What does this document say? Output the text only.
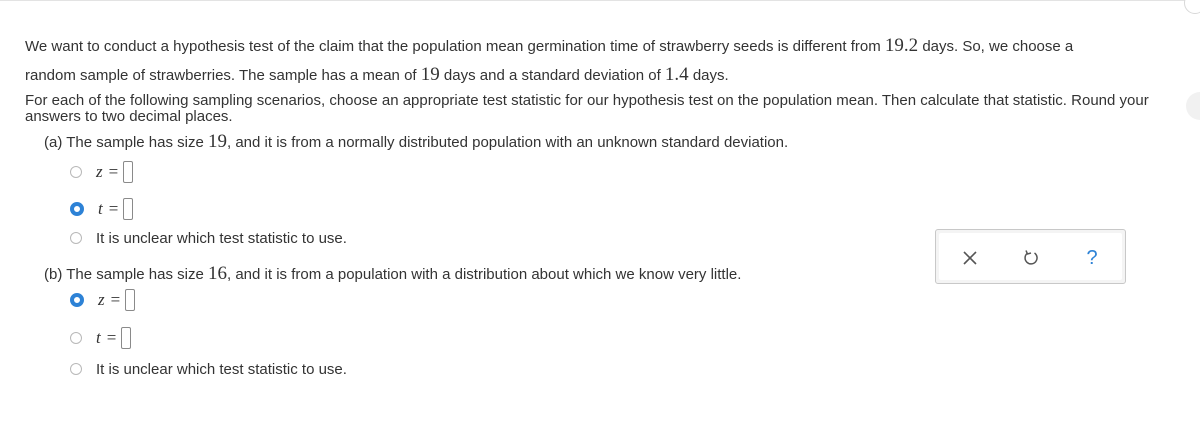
We want to conduct a hypothesis test of the claim that the population mean germination time of strawberry seeds is different from 19.2 days. So, we choose a
random sample of strawberries. The sample has a mean of 19 days and a standard deviation of 1.4 days.
For each of the following sampling scenarios, choose an appropriate test statistic for our hypothesis test on the population mean. Then calculate that statistic. Round your answers to two decimal places.
(a) The sample has size 19, and it is from a normally distributed population with an unknown standard deviation.
z =
t =
It is unclear which test statistic to use.
(b) The sample has size 16, and it is from a population with a distribution about which we know very little.
z =
t =
It is unclear which test statistic to use.
?
